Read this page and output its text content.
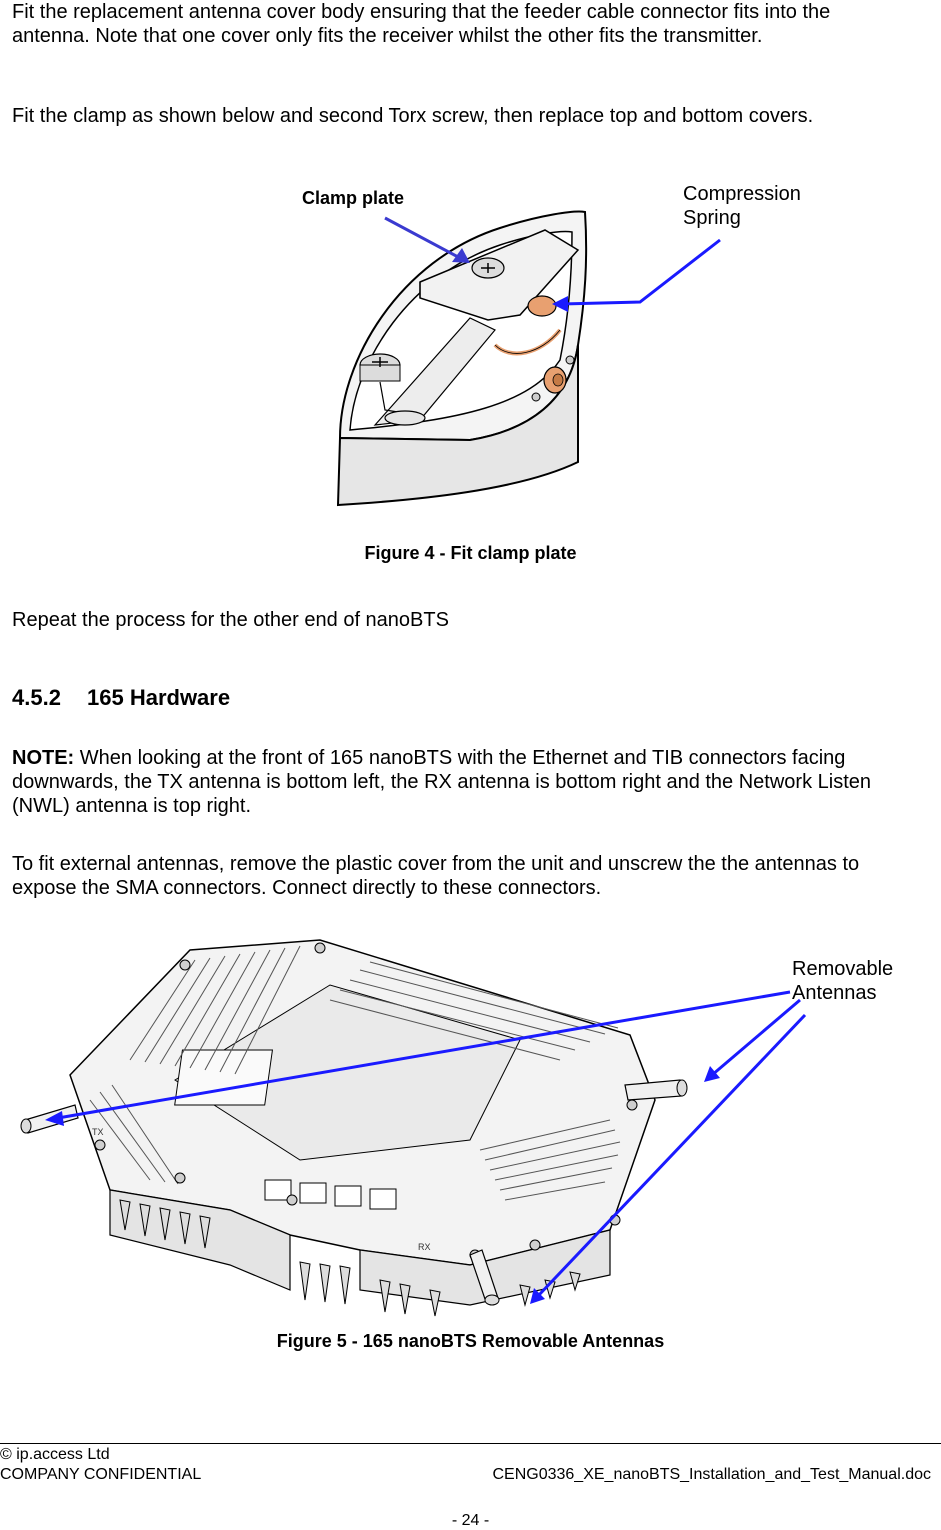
Fit the replacement antenna cover body ensuring that the feeder cable connector fits into the antenna. Note that one cover only fits the receiver whilst the other fits the transmitter.

Fit the clamp as shown below and second Torx screw, then replace top and bottom covers.

Clamp plate	Compression
Spring
Figure 4 - Fit clamp plate

Repeat the process for the other end of nanoBTS

4.5.2 165 Hardware

NOTE: When looking at the front of 165 nanoBTS with the Ethernet and TIB connectors facing downwards, the TX antenna is bottom left, the RX antenna is bottom right and the Network Listen (NWL) antenna is top right.

To fit external antennas, remove the plastic cover from the unit and unscrew the the antennas to expose the SMA connectors. Connect directly to these connectors.

TX
RX
Removable
Antennas
Figure 5 - 165 nanoBTS Removable Antennas
© ip.access Ltd
COMPANY CONFIDENTIAL	CENG0336_XE_nanoBTS_Installation_and_Test_Manual.doc
- 24 -
